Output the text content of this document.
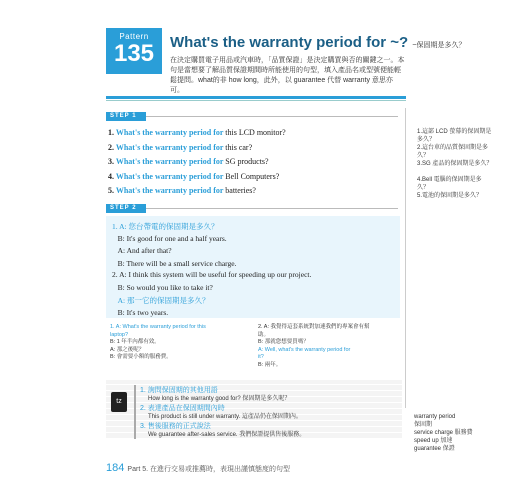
Pattern
135	What's the warranty period for ~? ~保固期是多久？
在決定購買電子用品或汽車時，「品質保證」是決定購買與否的關鍵之一。本句是當想要了解品質保證期間時所能使用的句型，填入產品名或型號便能輕鬆提問。what的非 how long，此外，以 guarantee 代替 warranty 意思亦可。
STEP 1
1. What's the warranty period for this LCD monitor?
2. What's the warranty period for this car?
3. What's the warranty period for SG products?
4. What's the warranty period for Bell Computers?
5. What's the warranty period for batteries?
1.這部 LCD 螢幕的保固期是多久？
2.這台車的品質保固期是多久？
3.SG 產品的保固期是多久？
4.Bell 電腦的保固期是多久？
5.電池的保固期是多久？
STEP 2
1. A: 您台帶電的保固期是多久？
B: It's good for one and a half years.
A: And after that?
B: There will be a small service charge.
2. A: I think this system will be useful for speeding up our project.
B: So would you like to take it?
A: 那一它的保固期是多久？
B: It's two years.
1. A: What's the warranty period for this
laptop?
B: 1 年半內都有效。
A: 那之後呢？
B: 會需要小額的服務費。
2. A: 我覺得這套系統對加速我們的專案會有幫
助。
B: 那就您想要買嗎？
A: Well, what's the warranty period for
it?
B: 兩年。
tz
1. 詢問保固期的其他用語
How long is the warranty good for? 保固期是多久呢？
2. 表達產品在保固期間內時
This product is still under warranty. 這產品仍在保固期內。
3. 售後服務的正式說法
We guarantee after-sales service. 我們保證提供售後服務。
warranty period
保固期
service charge 服務費
speed up 加速
guarantee 保證
184 Part 5. 在進行交易或推薦時，表現出謹慎態度的句型
